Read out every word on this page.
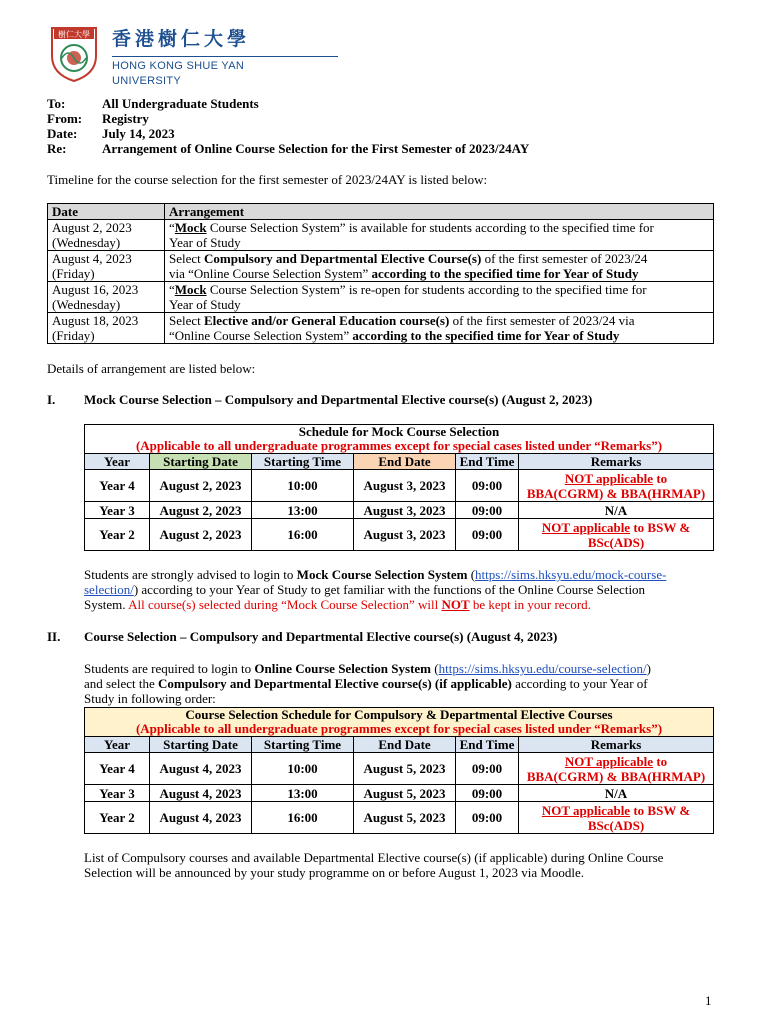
樹仁大學 香港樹仁大學
HONG KONG SHUE YAN UNIVERSITY
To:	All Undergraduate Students
From: Registry
Date: July 14, 2023
Re:	Arrangement of Online Course Selection for the First Semester of 2023/24AY
Timeline for the course selection for the first semester of 2023/24AY is listed below:
Date	Arrangement
August 2, 2023
(Wednesday)	“Mock Course Selection System” is available for students according to the specified time for
Year of Study
August 4, 2023
(Friday)	Select Compulsory and Departmental Elective Course(s) of the first semester of 2023/24
via “Online Course Selection System” according to the specified time for Year of Study
August 16, 2023
(Wednesday)	“Mock Course Selection System” is re-open for students according to the specified time for
Year of Study
August 18, 2023
(Friday)	Select Elective and/or General Education course(s) of the first semester of 2023/24 via
“Online Course Selection System” according to the specified time for Year of Study
Details of arrangement are listed below:
I. Mock Course Selection – Compulsory and Departmental Elective course(s) (August 2, 2023)
Schedule for Mock Course Selection
(Applicable to all undergraduate programmes except for special cases listed under “Remarks”)					

Year	Starting Date	Starting Time	End Date	End Time	Remarks
Year 4	August 2, 2023	10:00	August 3, 2023	09:00	NOT applicable to
BBA(CGRM) & BBA(HRMAP)
Year 3	August 2, 2023	13:00	August 3, 2023	09:00	N/A
Year 2	August 2, 2023	16:00	August 3, 2023	09:00	NOT applicable to BSW &
BSc(ADS)
Students are strongly advised to login to Mock Course Selection System (https://sims.hksyu.edu/mock-course-
selection/) according to your Year of Study to get familiar with the functions of the Online Course Selection
System. All course(s) selected during “Mock Course Selection” will NOT be kept in your record.
II. Course Selection – Compulsory and Departmental Elective course(s) (August 4, 2023)
Students are required to login to Online Course Selection System (https://sims.hksyu.edu/course-selection/)
and select the Compulsory and Departmental Elective course(s) (if applicable) according to your Year of
Study in following order:
Course Selection Schedule for Compulsory & Departmental Elective Courses
(Applicable to all undergraduate programmes except for special cases listed under “Remarks”)					

Year	Starting Date	Starting Time	End Date	End Time	Remarks
Year 4	August 4, 2023	10:00	August 5, 2023	09:00	NOT applicable to
BBA(CGRM) & BBA(HRMAP)
Year 3	August 4, 2023	13:00	August 5, 2023	09:00	N/A
Year 2	August 4, 2023	16:00	August 5, 2023	09:00	NOT applicable to BSW &
BSc(ADS)
List of Compulsory courses and available Departmental Elective course(s) (if applicable) during Online Course
Selection will be announced by your study programme on or before August 1, 2023 via Moodle.
1
